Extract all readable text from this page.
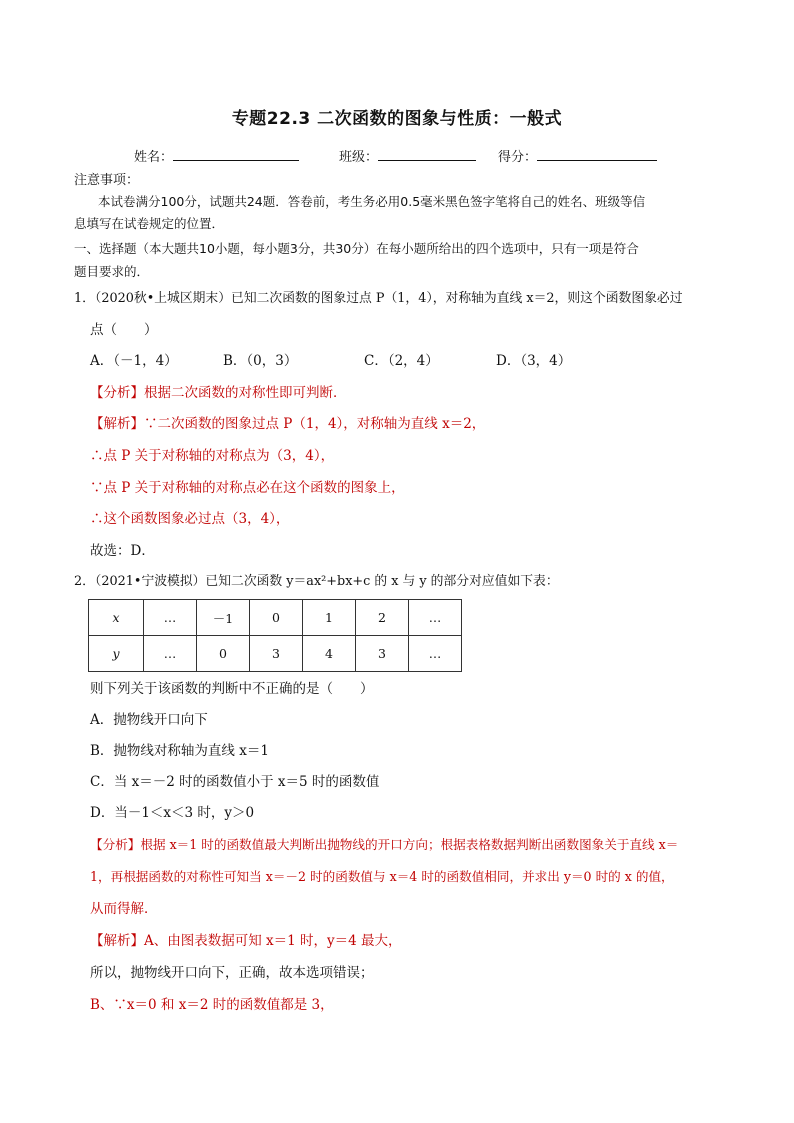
专题22.3 二次函数的图象与性质：一般式
姓名：	班级：	得分：
注意事项：
本试卷满分100分，试题共24题．答卷前，考生务必用0.5毫米黑色签字笔将自己的姓名、班级等信
息填写在试卷规定的位置．
一、选择题（本大题共10小题，每小题3分，共30分）在每小题所给出的四个选项中，只有一项是符合
题目要求的．
1．（2020秋•上城区期末）已知二次函数的图象过点 P（1，4），对称轴为直线 x＝2，则这个函数图象必过
点（　　）
A．（－1，4）	B．（0，3）	C．（2，4）	D．（3，4）
【分析】根据二次函数的对称性即可判断．
【解析】∵二次函数的图象过点 P（1，4），对称轴为直线 x＝2，
∴点 P 关于对称轴的对称点为（3，4），
∵点 P 关于对称轴的对称点必在这个函数的图象上，
∴这个函数图象必过点（3，4），
故选：D．
2．（2021•宁波模拟）已知二次函数 y＝ax²+bx+c 的 x 与 y 的部分对应值如下表：
x	…	－1	0	1	2	…
y	…	0	3	4	3	…
则下列关于该函数的判断中不正确的是（　　）
A．抛物线开口向下
B．抛物线对称轴为直线 x＝1
C．当 x＝－2 时的函数值小于 x＝5 时的函数值
D．当－1＜x＜3 时，y＞0
【分析】根据 x＝1 时的函数值最大判断出抛物线的开口方向；根据表格数据判断出函数图象关于直线 x＝
1，再根据函数的对称性可知当 x＝－2 时的函数值与 x＝4 时的函数值相同，并求出 y＝0 时的 x 的值，
从而得解．
【解析】A、由图表数据可知 x＝1 时，y＝4 最大，
所以，抛物线开口向下，正确，故本选项错误；
B、∵x＝0 和 x＝2 时的函数值都是 3，
